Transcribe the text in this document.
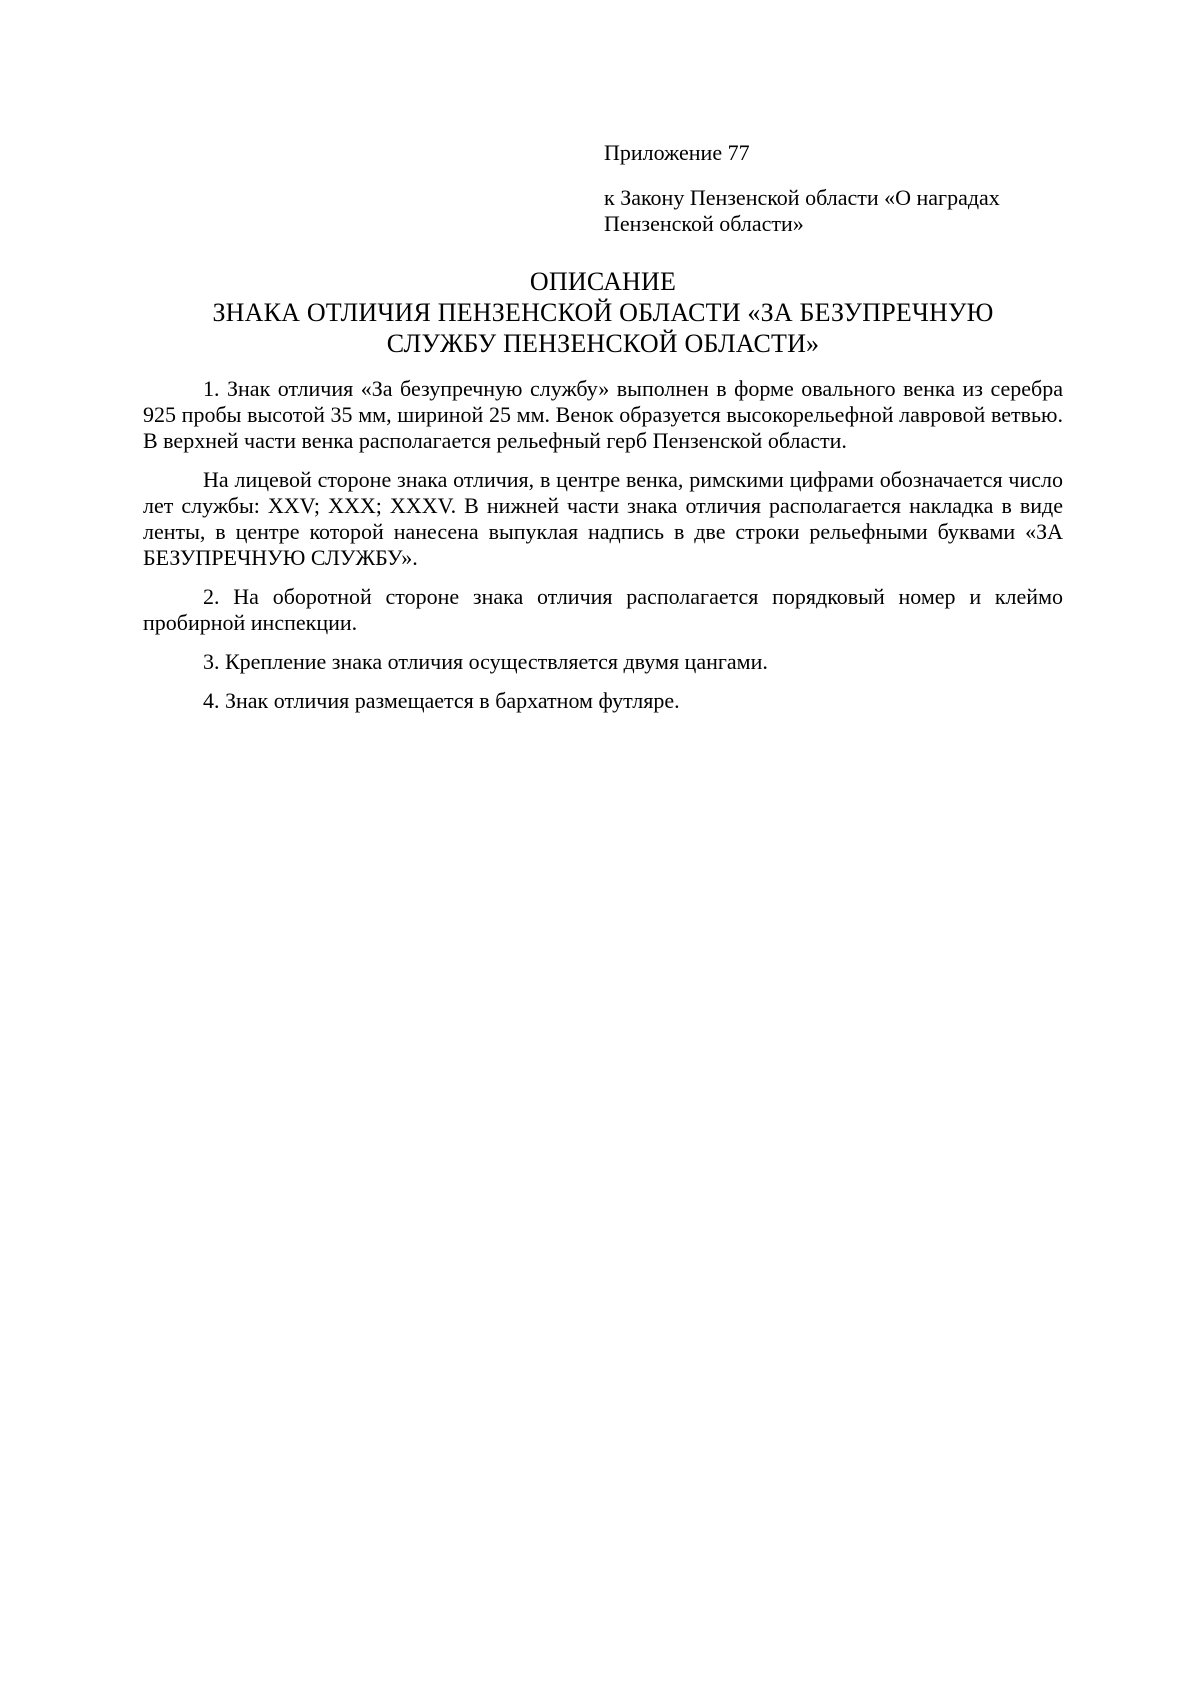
Приложение 77
к Закону Пензенской области «О наградах
Пензенской области»
ОПИСАНИЕ
ЗНАКА ОТЛИЧИЯ ПЕНЗЕНСКОЙ ОБЛАСТИ «ЗА БЕЗУПРЕЧНУЮ
СЛУЖБУ ПЕНЗЕНСКОЙ ОБЛАСТИ»

1. Знак отличия «За безупречную службу» выполнен в форме овального венка из серебра 925 пробы высотой 35 мм, шириной 25 мм. Венок образуется высокорельефной лавровой ветвью. В верхней части венка располагается рельефный герб Пензенской области.

На лицевой стороне знака отличия, в центре венка, римскими цифрами обозначается число лет службы: XXV; XXX; XXXV. В нижней части знака отличия располагается накладка в виде ленты, в центре которой нанесена выпуклая надпись в две строки рельефными буквами «ЗА БЕЗУПРЕЧНУЮ СЛУЖБУ».

2. На оборотной стороне знака отличия располагается порядковый номер и клеймо пробирной инспекции.

3. Крепление знака отличия осуществляется двумя цангами.

4. Знак отличия размещается в бархатном футляре.
